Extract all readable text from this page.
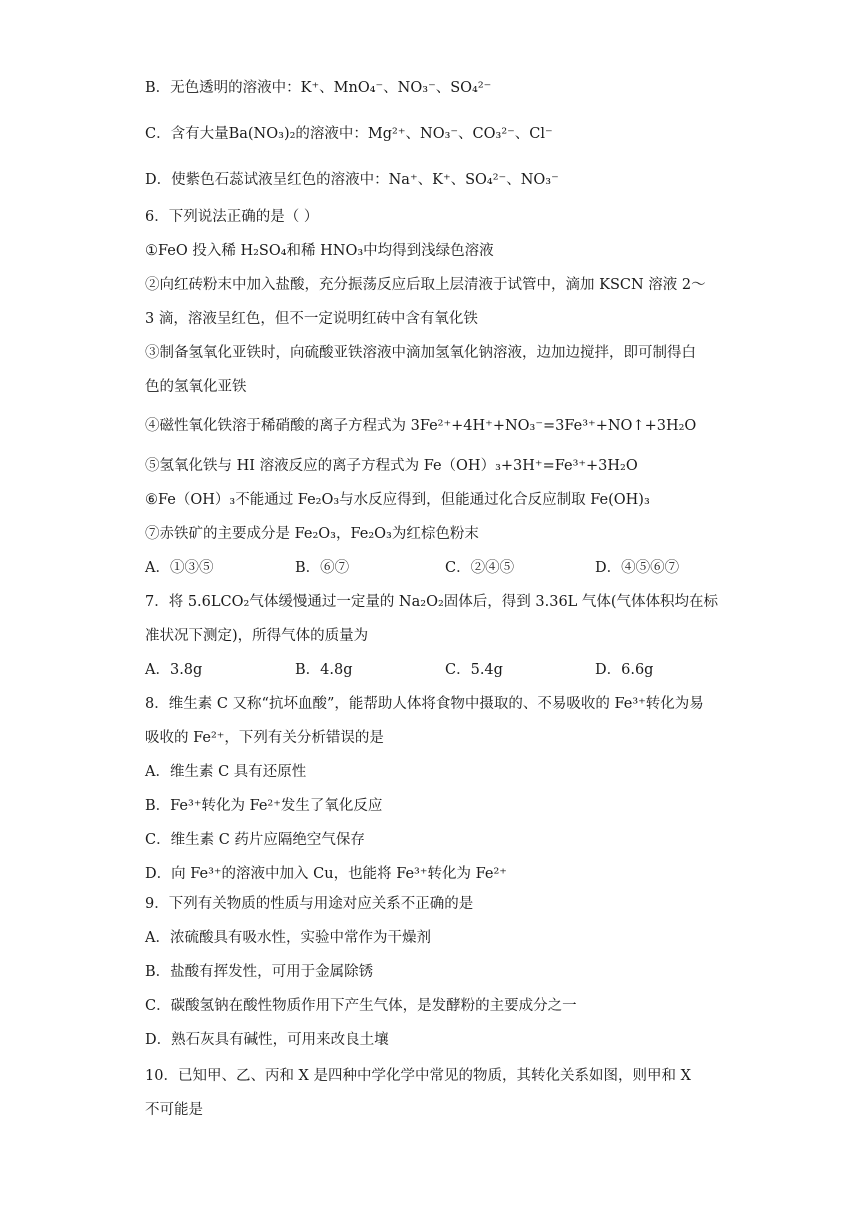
B．无色透明的溶液中：K⁺、MnO₄⁻、NO₃⁻、SO₄²⁻
C．含有大量Ba(NO₃)₂的溶液中：Mg²⁺、NO₃⁻、CO₃²⁻、Cl⁻
D．使紫色石蕊试液呈红色的溶液中：Na⁺、K⁺、SO₄²⁻、NO₃⁻
6．下列说法正确的是（ ）
①FeO 投入稀 H₂SO₄和稀 HNO₃中均得到浅绿色溶液
②向红砖粉末中加入盐酸，充分振荡反应后取上层清液于试管中，滴加 KSCN 溶液 2～
3 滴，溶液呈红色，但不一定说明红砖中含有氧化铁
③制备氢氧化亚铁时，向硫酸亚铁溶液中滴加氢氧化钠溶液，边加边搅拌，即可制得白
色的氢氧化亚铁
④磁性氧化铁溶于稀硝酸的离子方程式为 3Fe²⁺+4H⁺+NO₃⁻=3Fe³⁺+NO↑+3H₂O
⑤氢氧化铁与 HI 溶液反应的离子方程式为 Fe（OH）₃+3H⁺=Fe³⁺+3H₂O
⑥Fe（OH）₃不能通过 Fe₂O₃与水反应得到，但能通过化合反应制取 Fe(OH)₃
⑦赤铁矿的主要成分是 Fe₂O₃，Fe₂O₃为红棕色粉末
A．①③⑤	B．⑥⑦	C．②④⑤	D．④⑤⑥⑦
7．将 5.6LCO₂气体缓慢通过一定量的 Na₂O₂固体后，得到 3.36L 气体(气体体积均在标
准状况下测定)，所得气体的质量为
A．3.8g	B．4.8g	C．5.4g	D．6.6g
8．维生素 C 又称“抗坏血酸”，能帮助人体将食物中摄取的、不易吸收的 Fe³⁺转化为易
吸收的 Fe²⁺，下列有关分析错误的是
A．维生素 C 具有还原性
B．Fe³⁺转化为 Fe²⁺发生了氧化反应
C．维生素 C 药片应隔绝空气保存
D．向 Fe³⁺的溶液中加入 Cu，也能将 Fe³⁺转化为 Fe²⁺
9．下列有关物质的性质与用途对应关系不正确的是
A．浓硫酸具有吸水性，实验中常作为干燥剂
B．盐酸有挥发性，可用于金属除锈
C．碳酸氢钠在酸性物质作用下产生气体，是发酵粉的主要成分之一
D．熟石灰具有碱性，可用来改良土壤
10．已知甲、乙、丙和 X 是四种中学化学中常见的物质，其转化关系如图，则甲和 X
不可能是
